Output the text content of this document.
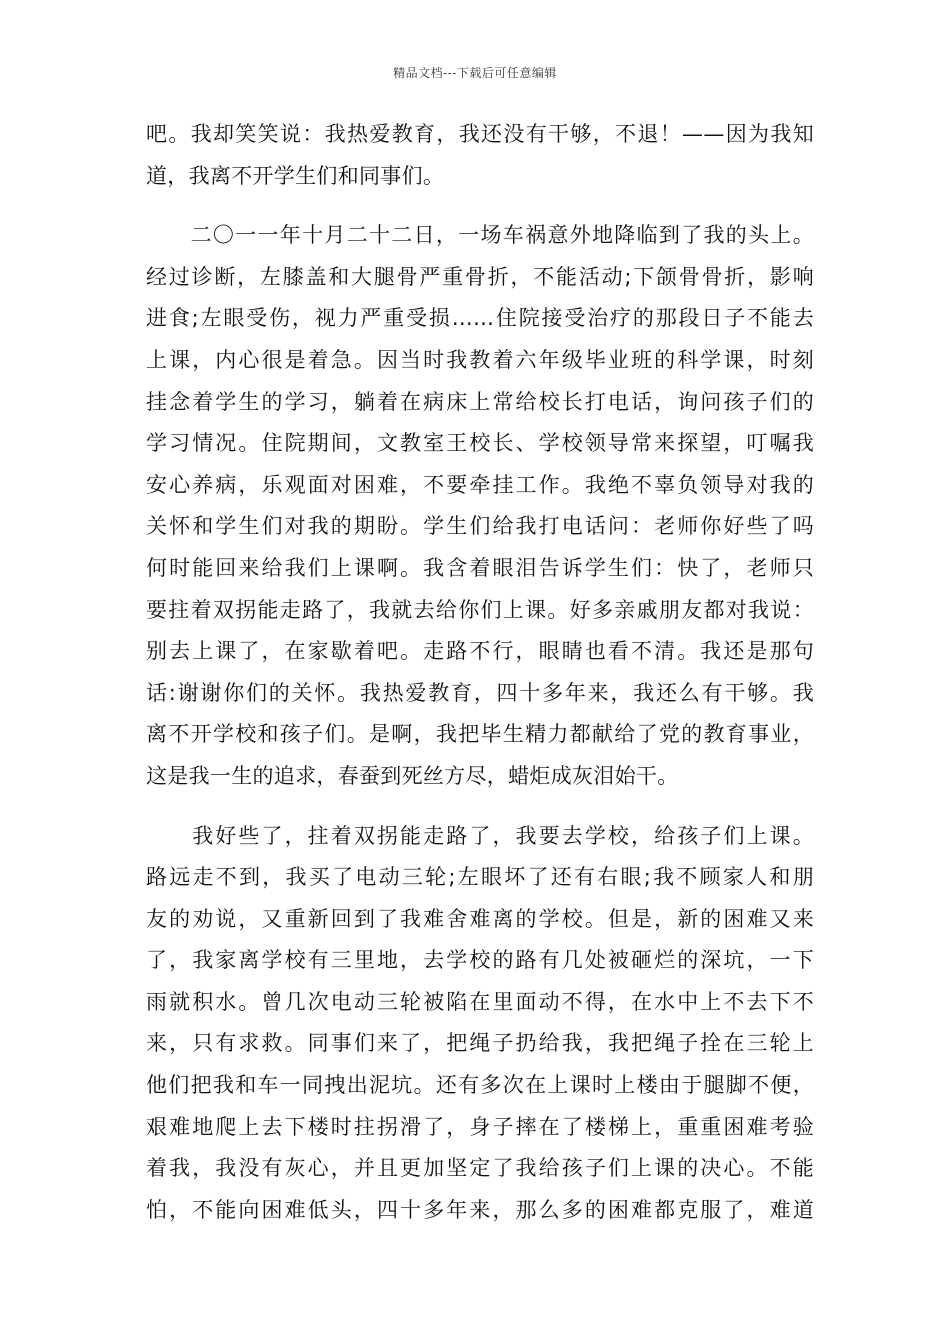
精品文档---下载后可任意编辑
吧。我却笑笑说：我热爱教育，我还没有干够，不退！——因为我知
道，我离不开学生们和同事们。
　　二〇一一年十月二十二日，一场车祸意外地降临到了我的头上。
经过诊断，左膝盖和大腿骨严重骨折，不能活动;下颌骨骨折，影响
进食;左眼受伤，视力严重受损……住院接受治疗的那段日子不能去
上课，内心很是着急。因当时我教着六年级毕业班的科学课，时刻
挂念着学生的学习，躺着在病床上常给校长打电话，询问孩子们的
学习情况。住院期间，文教室王校长、学校领导常来探望，叮嘱我
安心养病，乐观面对困难，不要牵挂工作。我绝不辜负领导对我的
关怀和学生们对我的期盼。学生们给我打电话问：老师你好些了吗
何时能回来给我们上课啊。我含着眼泪告诉学生们：快了，老师只
要拄着双拐能走路了，我就去给你们上课。好多亲戚朋友都对我说：
别去上课了，在家歇着吧。走路不行，眼睛也看不清。我还是那句
话:谢谢你们的关怀。我热爱教育，四十多年来，我还么有干够。我
离不开学校和孩子们。是啊，我把毕生精力都献给了党的教育事业，
这是我一生的追求，春蚕到死丝方尽，蜡炬成灰泪始干。
　　我好些了，拄着双拐能走路了，我要去学校，给孩子们上课。
路远走不到，我买了电动三轮;左眼坏了还有右眼;我不顾家人和朋
友的劝说，又重新回到了我难舍难离的学校。但是，新的困难又来
了，我家离学校有三里地，去学校的路有几处被砸烂的深坑，一下
雨就积水。曾几次电动三轮被陷在里面动不得，在水中上不去下不
来，只有求救。同事们来了，把绳子扔给我，我把绳子拴在三轮上
他们把我和车一同拽出泥坑。还有多次在上课时上楼由于腿脚不便，
艰难地爬上去下楼时拄拐滑了，身子摔在了楼梯上，重重困难考验
着我，我没有灰心，并且更加坚定了我给孩子们上课的决心。不能
怕，不能向困难低头，四十多年来，那么多的困难都克服了，难道
